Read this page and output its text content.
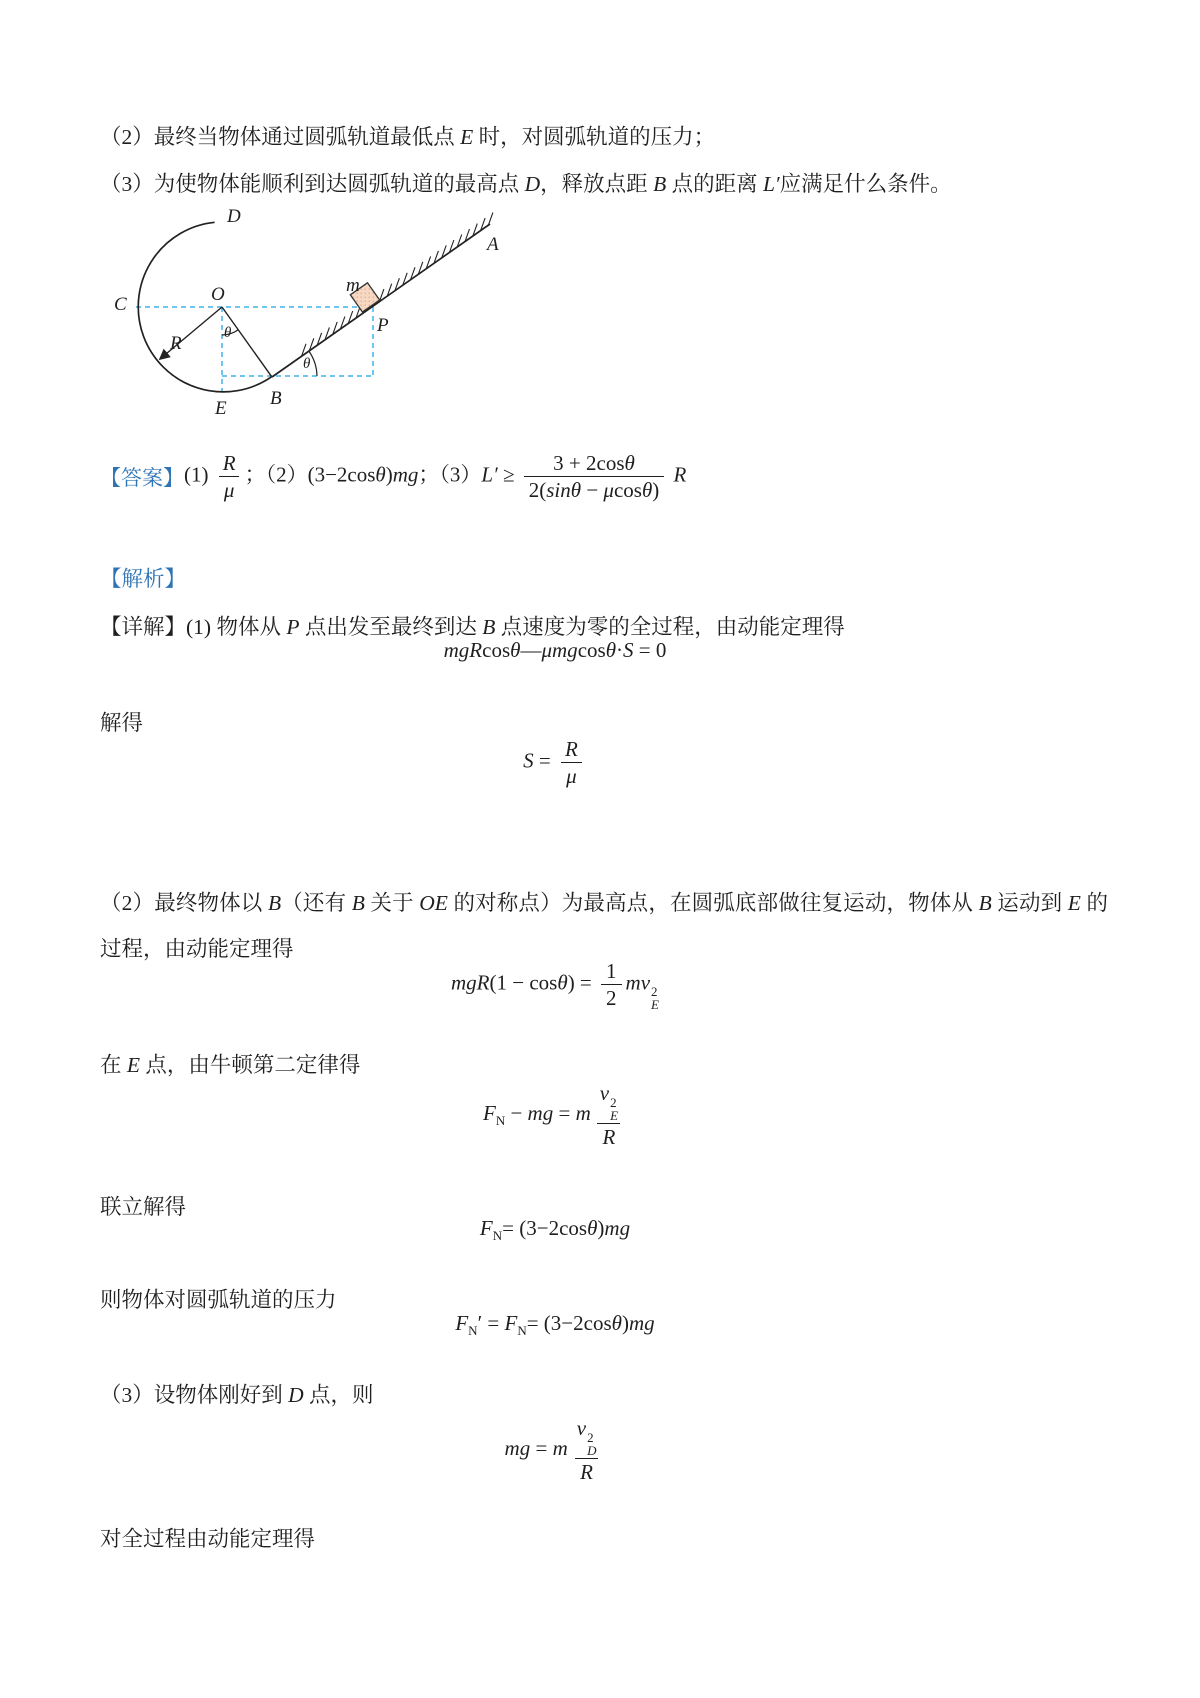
（2）最终当物体通过圆弧轨道最低点 E 时，对圆弧轨道的压力；

（3）为使物体能顺利到达圆弧轨道的最高点 D，释放点距 B 点的距离 L′应满足什么条件。

D
A
C	O	m
P
R	θ
θ
E B
【答案】 $(1) \frac{R}{\mu}$ ；（2）(3−2cosθ)mg；$(3)L' \ge \frac{3 + 2\cos\theta}{2(\sin\theta - \mu\cos\theta)}$ R

【解析】

【详解】(1) 物体从 P 点出发至最终到达 B 点速度为零的全过程，由动能定理得

mgRcosθ—μmgcosθ·S = 0

解得

$S = \frac{R}{\mu}$

（2）最终物体以 B（还有 B 关于 OE 的对称点）为最高点，在圆弧底部做往复运动，物体从 B 运动到 E 的过程，由动能定理得

$mgR(1 - \cos\theta) = \frac{1}{2}$ mv 2
E

在 E 点，由牛顿第二定律得

$F_N$ − mg = m v 2
E
R

联立解得

$F_N= (3-2\cos\theta)mg$

则物体对圆弧轨道的压力

$F_N' = F_N= (3-2\cos\theta)mg$

（3）设物体刚好到 D 点，则

mg = m v 2
D
R

对全过程由动能定理得
